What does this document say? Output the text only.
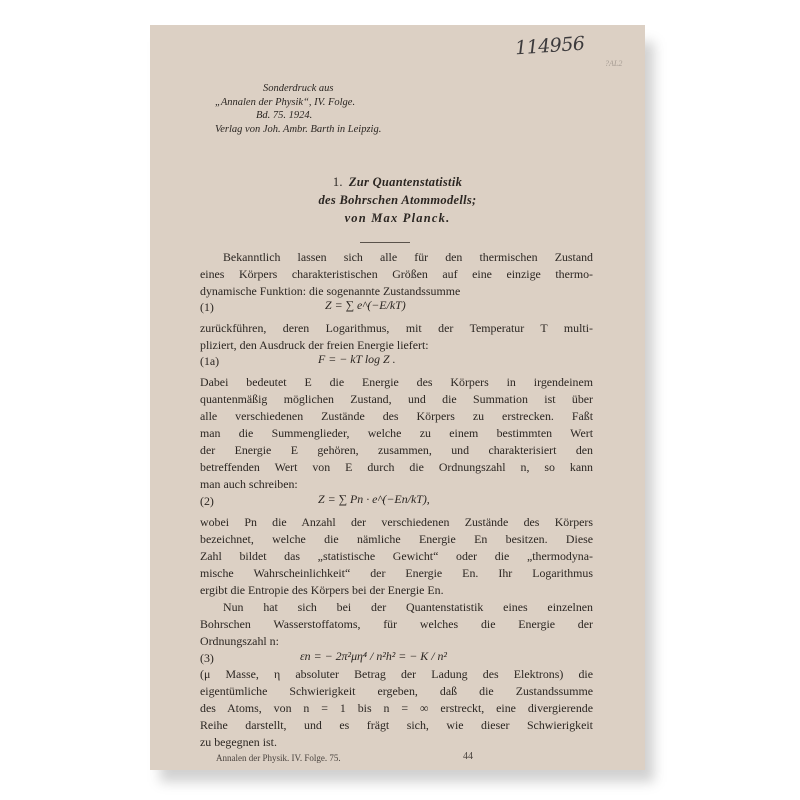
114956
?AL2
Sonderdruck aus
„Annalen der Physik“, IV. Folge.
Bd. 75. 1924.
Verlag von Joh. Ambr. Barth in Leipzig.
1. Zur Quantenstatistik
des Bohrschen Atommodells;
von Max Planck.
Bekanntlich lassen sich alle für den thermischen Zustand
eines Körpers charakteristischen Größen auf eine einzige thermo-
dynamische Funktion: die sogenannte Zustandssumme
(1)	Z = ∑ e^(−E/kT)
zurückführen, deren Logarithmus, mit der Temperatur T multi-
pliziert, den Ausdruck der freien Energie liefert:
(1a)	F = − kT log Z .
Dabei bedeutet E die Energie des Körpers in irgendeinem
quantenmäßig möglichen Zustand, und die Summation ist über
alle verschiedenen Zustände des Körpers zu erstrecken. Faßt
man die Summenglieder, welche zu einem bestimmten Wert
der Energie E gehören, zusammen, und charakterisiert den
betreffenden Wert von E durch die Ordnungszahl n, so kann
man auch schreiben:
(2)	Z = ∑ Pn · e^(−En/kT),
wobei Pn die Anzahl der verschiedenen Zustände des Körpers
bezeichnet, welche die nämliche Energie En besitzen. Diese
Zahl bildet das „statistische Gewicht“ oder die „thermodyna-
mische Wahrscheinlichkeit“ der Energie En. Ihr Logarithmus
ergibt die Entropie des Körpers bei der Energie En.
Nun hat sich bei der Quantenstatistik eines einzelnen
Bohrschen Wasserstoffatoms, für welches die Energie der
Ordnungszahl n:
(3)	εn = − 2π²μη⁴ / n²h² = − K / n²
Annalen der Physik. IV. Folge. 75.	44
(μ Masse, η absoluter Betrag der Ladung des Elektrons) die
eigentümliche Schwierigkeit ergeben, daß die Zustandssumme
des Atoms, von n = 1 bis n = ∞ erstreckt, eine divergierende
Reihe darstellt, und es frägt sich, wie dieser Schwierigkeit
zu begegnen ist.
